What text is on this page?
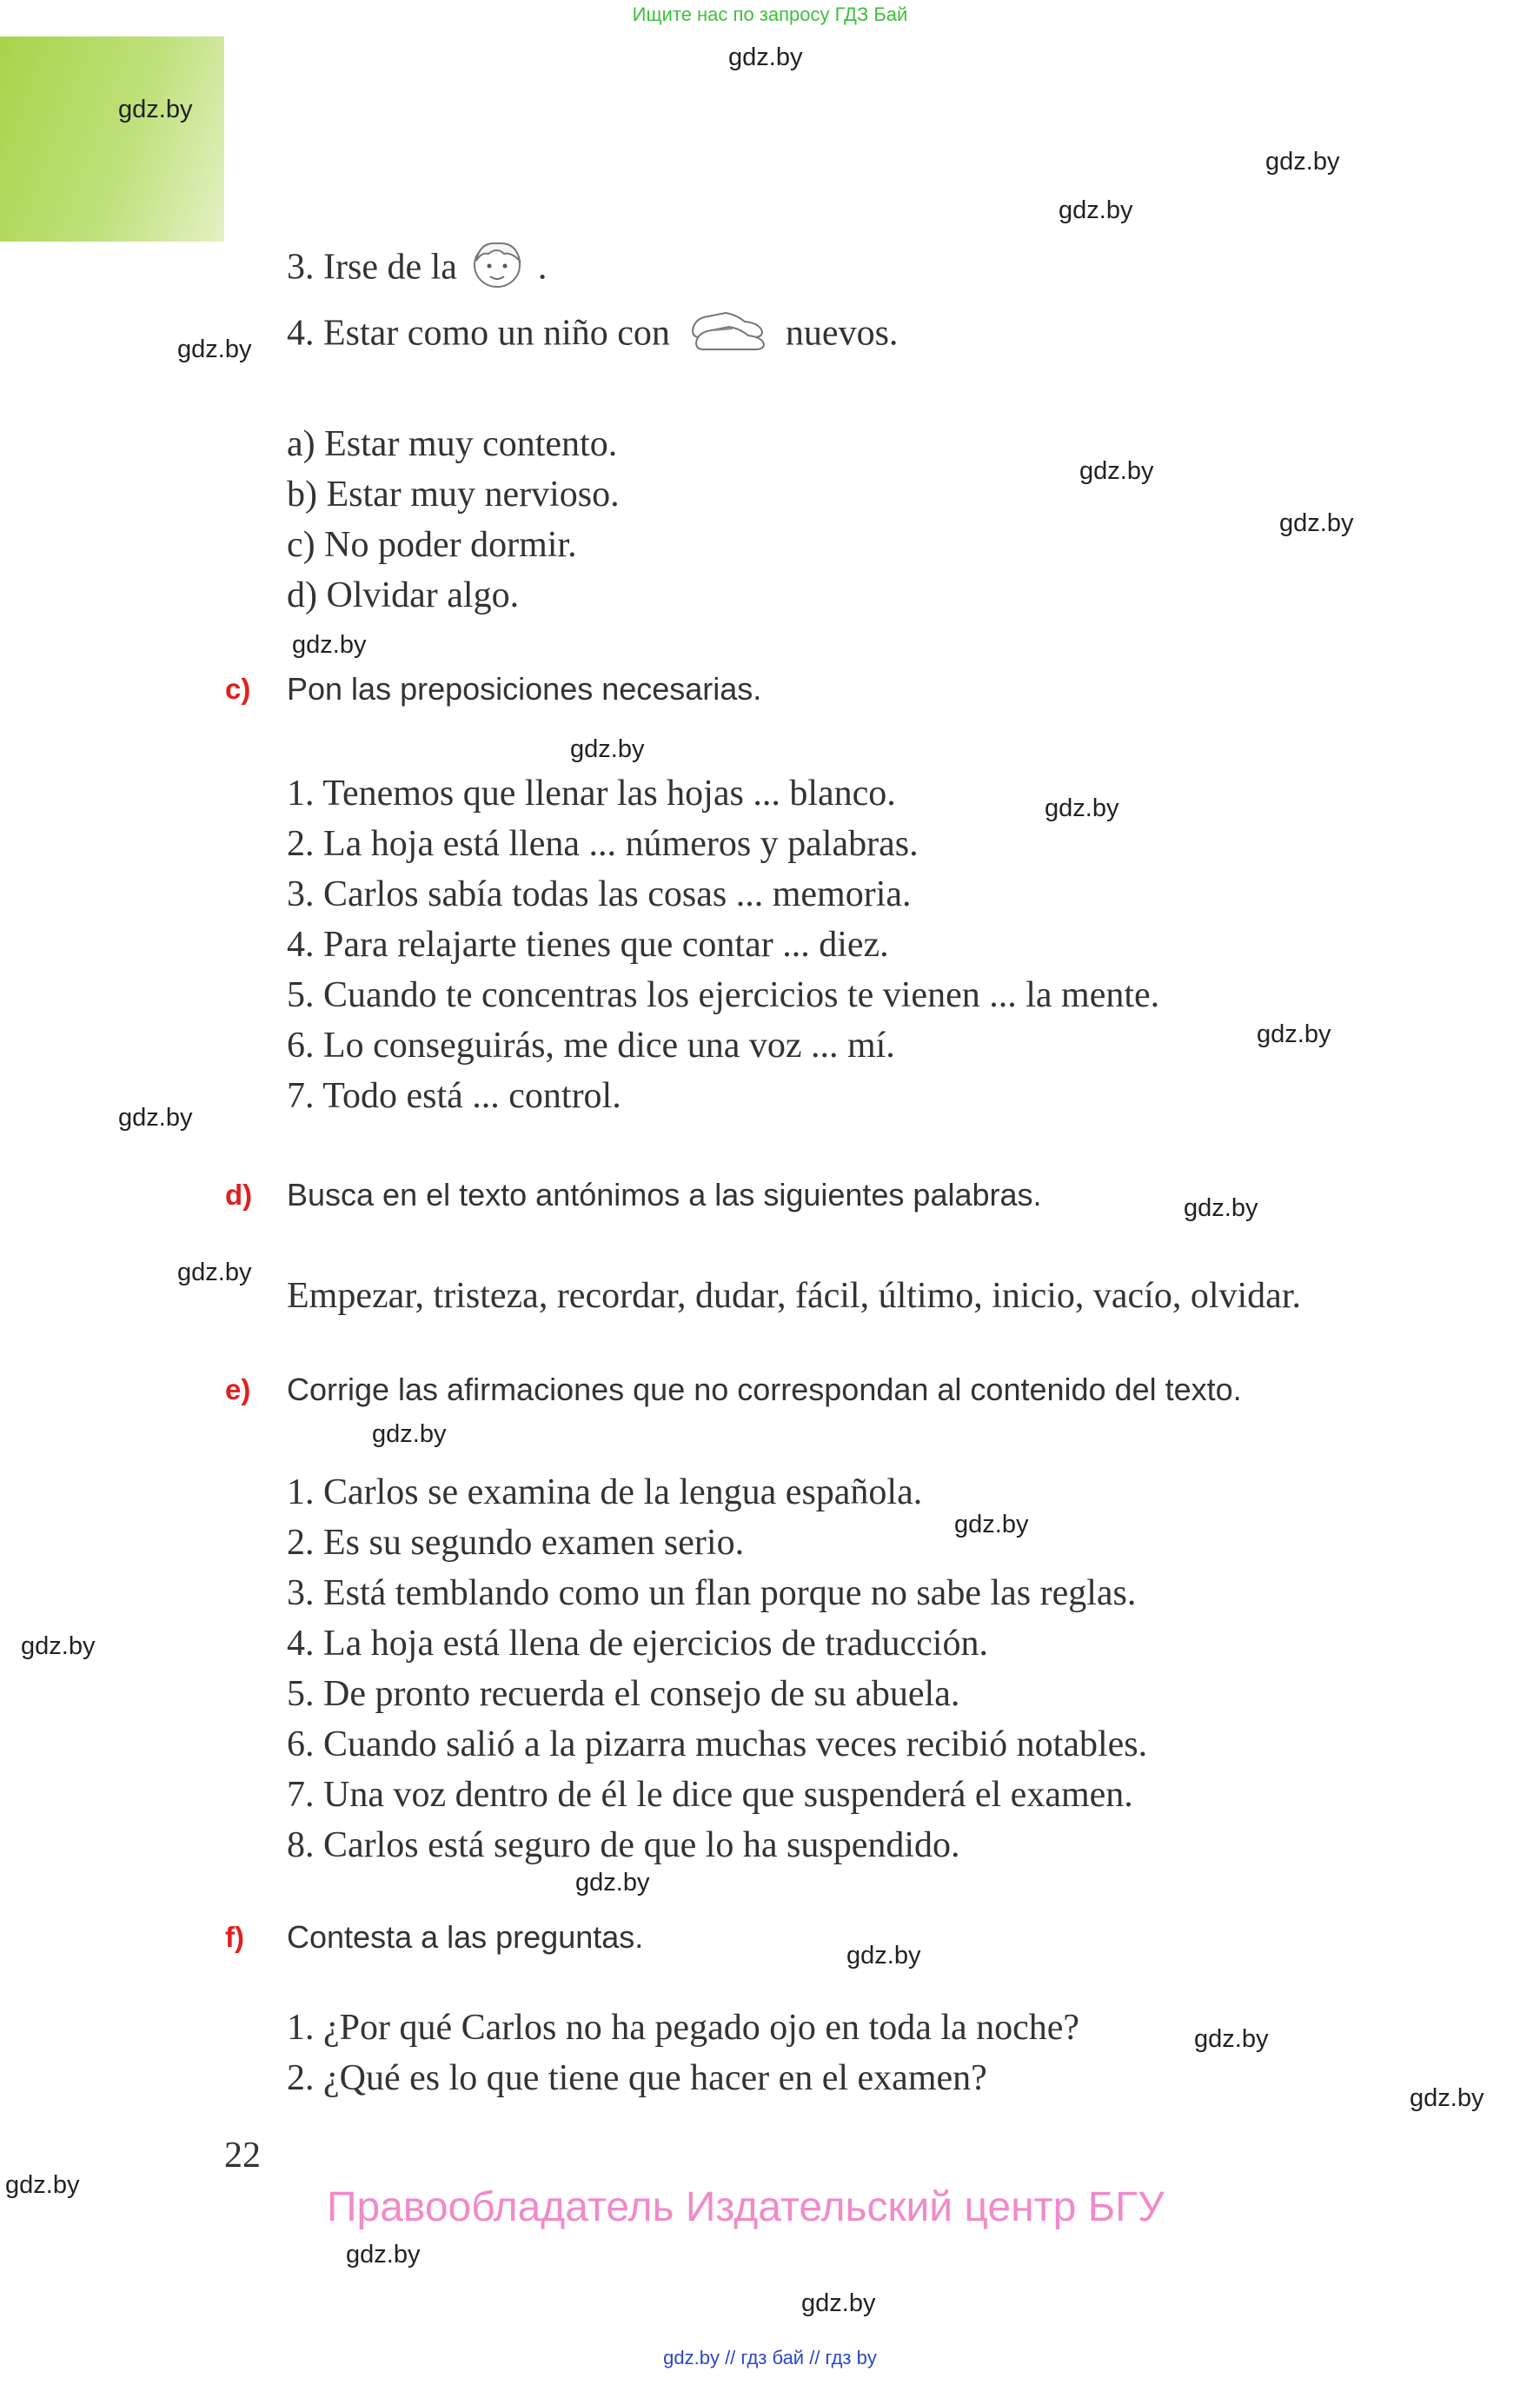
Ищите нас по запросу ГДЗ Бай
3. Irse de la .
4. Estar como un niño con	nuevos.
a) Estar muy contento.
b) Estar muy nervioso.
c) No poder dormir.
d) Olvidar algo.
c) Pon las preposiciones necesarias.
1. Tenemos que llenar las hojas ... blanco.
2. La hoja está llena ... números y palabras.
3. Carlos sabía todas las cosas ... memoria.
4. Para relajarte tienes que contar ... diez.
5. Cuando te concentras los ejercicios te vienen ... la mente.
6. Lo conseguirás, me dice una voz ... mí.
7. Todo está ... control.
d) Busca en el texto antónimos a las siguientes palabras.
Empezar, tristeza, recordar, dudar, fácil, último, inicio, vacío, olvidar.
e) Corrige las afirmaciones que no correspondan al contenido del texto.
1. Carlos se examina de la lengua española.
2. Es su segundo examen serio.
3. Está temblando como un flan porque no sabe las reglas.
4. La hoja está llena de ejercicios de traducción.
5. De pronto recuerda el consejo de su abuela.
6. Cuando salió a la pizarra muchas veces recibió notables.
7. Una voz dentro de él le dice que suspenderá el examen.
8. Carlos está seguro de que lo ha suspendido.
f) Contesta a las preguntas.
1. ¿Por qué Carlos no ha pegado ojo en toda la noche?
2. ¿Qué es lo que tiene que hacer en el examen?
22
Правообладатель Издательский центр БГУ
gdz.by
gdz.by
gdz.by
gdz.by
gdz.by
gdz.by
gdz.by
gdz.by
gdz.by
gdz.by
gdz.by
gdz.by
gdz.by
gdz.by
gdz.by
gdz.by
gdz.by
gdz.by
gdz.by
gdz.by
gdz.by
gdz.by
gdz.by
gdz.by
gdz.by // гдз бай // гдз by
